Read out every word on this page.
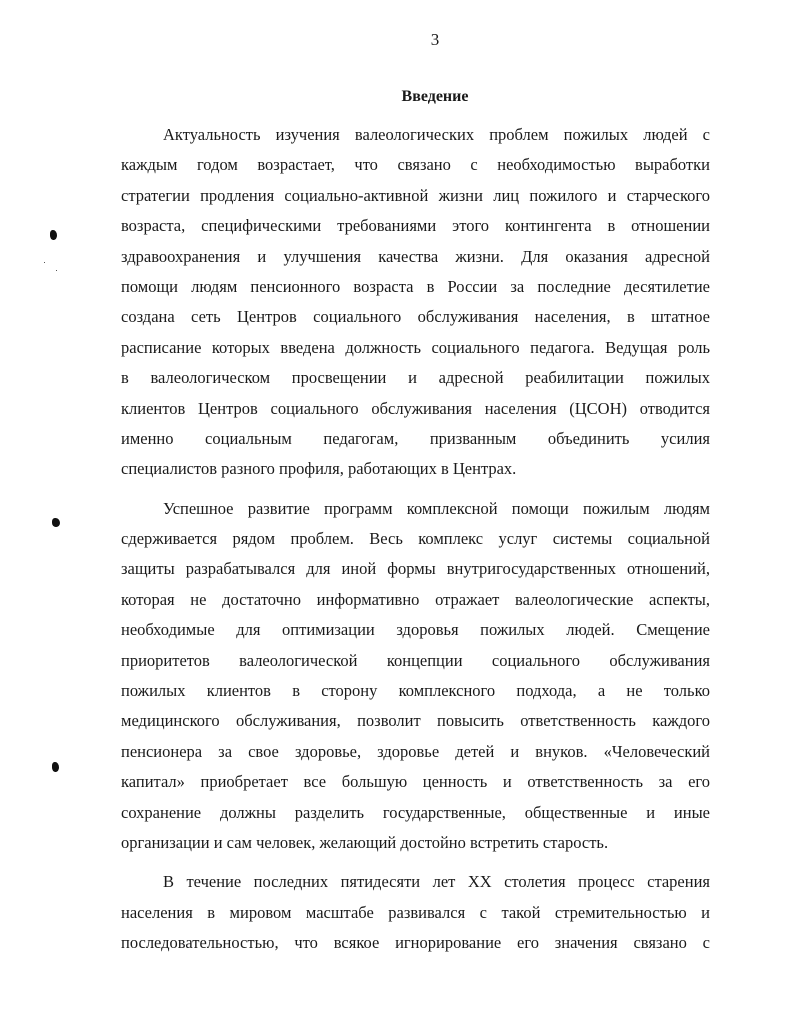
3
Введение
Актуальность изучения валеологических проблем пожилых людей с
каждым годом возрастает, что связано с необходимостью выработки
стратегии продления социально-активной жизни лиц пожилого и старческого
возраста, специфическими требованиями этого контингента в отношении
здравоохранения и улучшения качества жизни. Для оказания адресной
помощи людям пенсионного возраста в России за последние десятилетие
создана сеть Центров социального обслуживания населения, в штатное
расписание которых введена должность социального педагога. Ведущая роль
в валеологическом просвещении и адресной реабилитации пожилых
клиентов Центров социального обслуживания населения (ЦСОН) отводится
именно социальным педагогам, призванным объединить усилия
специалистов разного профиля, работающих в Центрах.
Успешное развитие программ комплексной помощи пожилым людям
сдерживается рядом проблем. Весь комплекс услуг системы социальной
защиты разрабатывался для иной формы внутригосударственных отношений,
которая не достаточно информативно отражает валеологические аспекты,
необходимые для оптимизации здоровья пожилых людей. Смещение
приоритетов валеологической концепции социального обслуживания
пожилых клиентов в сторону комплексного подхода, а не только
медицинского обслуживания, позволит повысить ответственность каждого
пенсионера за свое здоровье, здоровье детей и внуков. «Человеческий
капитал» приобретает все большую ценность и ответственность за его
сохранение должны разделить государственные, общественные и иные
организации и сам человек, желающий достойно встретить старость.
В течение последних пятидесяти лет XX столетия процесс старения
населения в мировом масштабе развивался с такой стремительностью и
последовательностью, что всякое игнорирование его значения связано с
